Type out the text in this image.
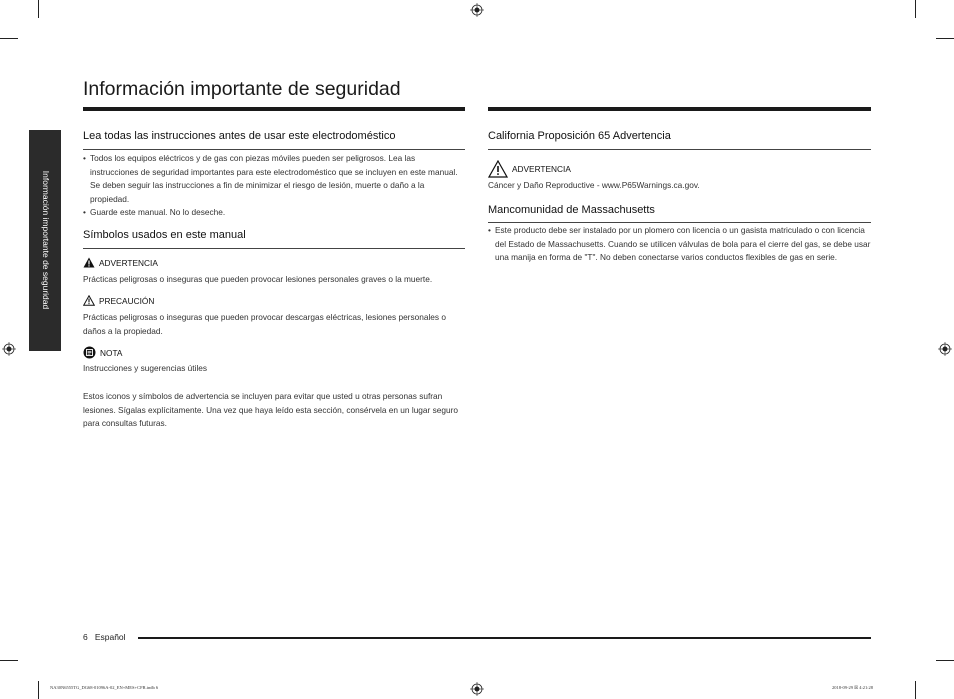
Información importante de seguridad
Información importante de seguridad
Lea todas las instrucciones antes de usar este electrodoméstico
• Todos los equipos eléctricos y de gas con piezas móviles pueden ser peligrosos. Lea las instrucciones de seguridad importantes para este electrodoméstico que se incluyen en este manual. Se deben seguir las instrucciones a fin de minimizar el riesgo de lesión, muerte o daño a la propiedad.
• Guarde este manual. No lo deseche.
Símbolos usados en este manual
ADVERTENCIA

Prácticas peligrosas o inseguras que pueden provocar lesiones personales graves o la muerte.

PRECAUCIÓN

Prácticas peligrosas o inseguras que pueden provocar descargas eléctricas, lesiones personales o daños a la propiedad.

NOTA

Instrucciones y sugerencias útiles

Estos iconos y símbolos de advertencia se incluyen para evitar que usted u otras personas sufran lesiones. Sígalas explícitamente. Una vez que haya leído esta sección, consérvela en un lugar seguro para consultas futuras.

California Proposición 65 Advertencia
ADVERTENCIA

Cáncer y Daño Reproductive - www.P65Warnings.ca.gov.

Mancomunidad de Massachusetts
• Este producto debe ser instalado por un plomero con licencia o un gasista matriculado o con licencia del Estado de Massachusetts. Cuando se utilicen válvulas de bola para el cierre del gas, se debe usar una manija en forma de "T". No deben conectarse varios conductos flexibles de gas en serie.
6 Español
NA30N6555TG_DG68-01096A-02_EN+MES+CFR.indb 6	2018-09-29 ☒ 4:21:28
